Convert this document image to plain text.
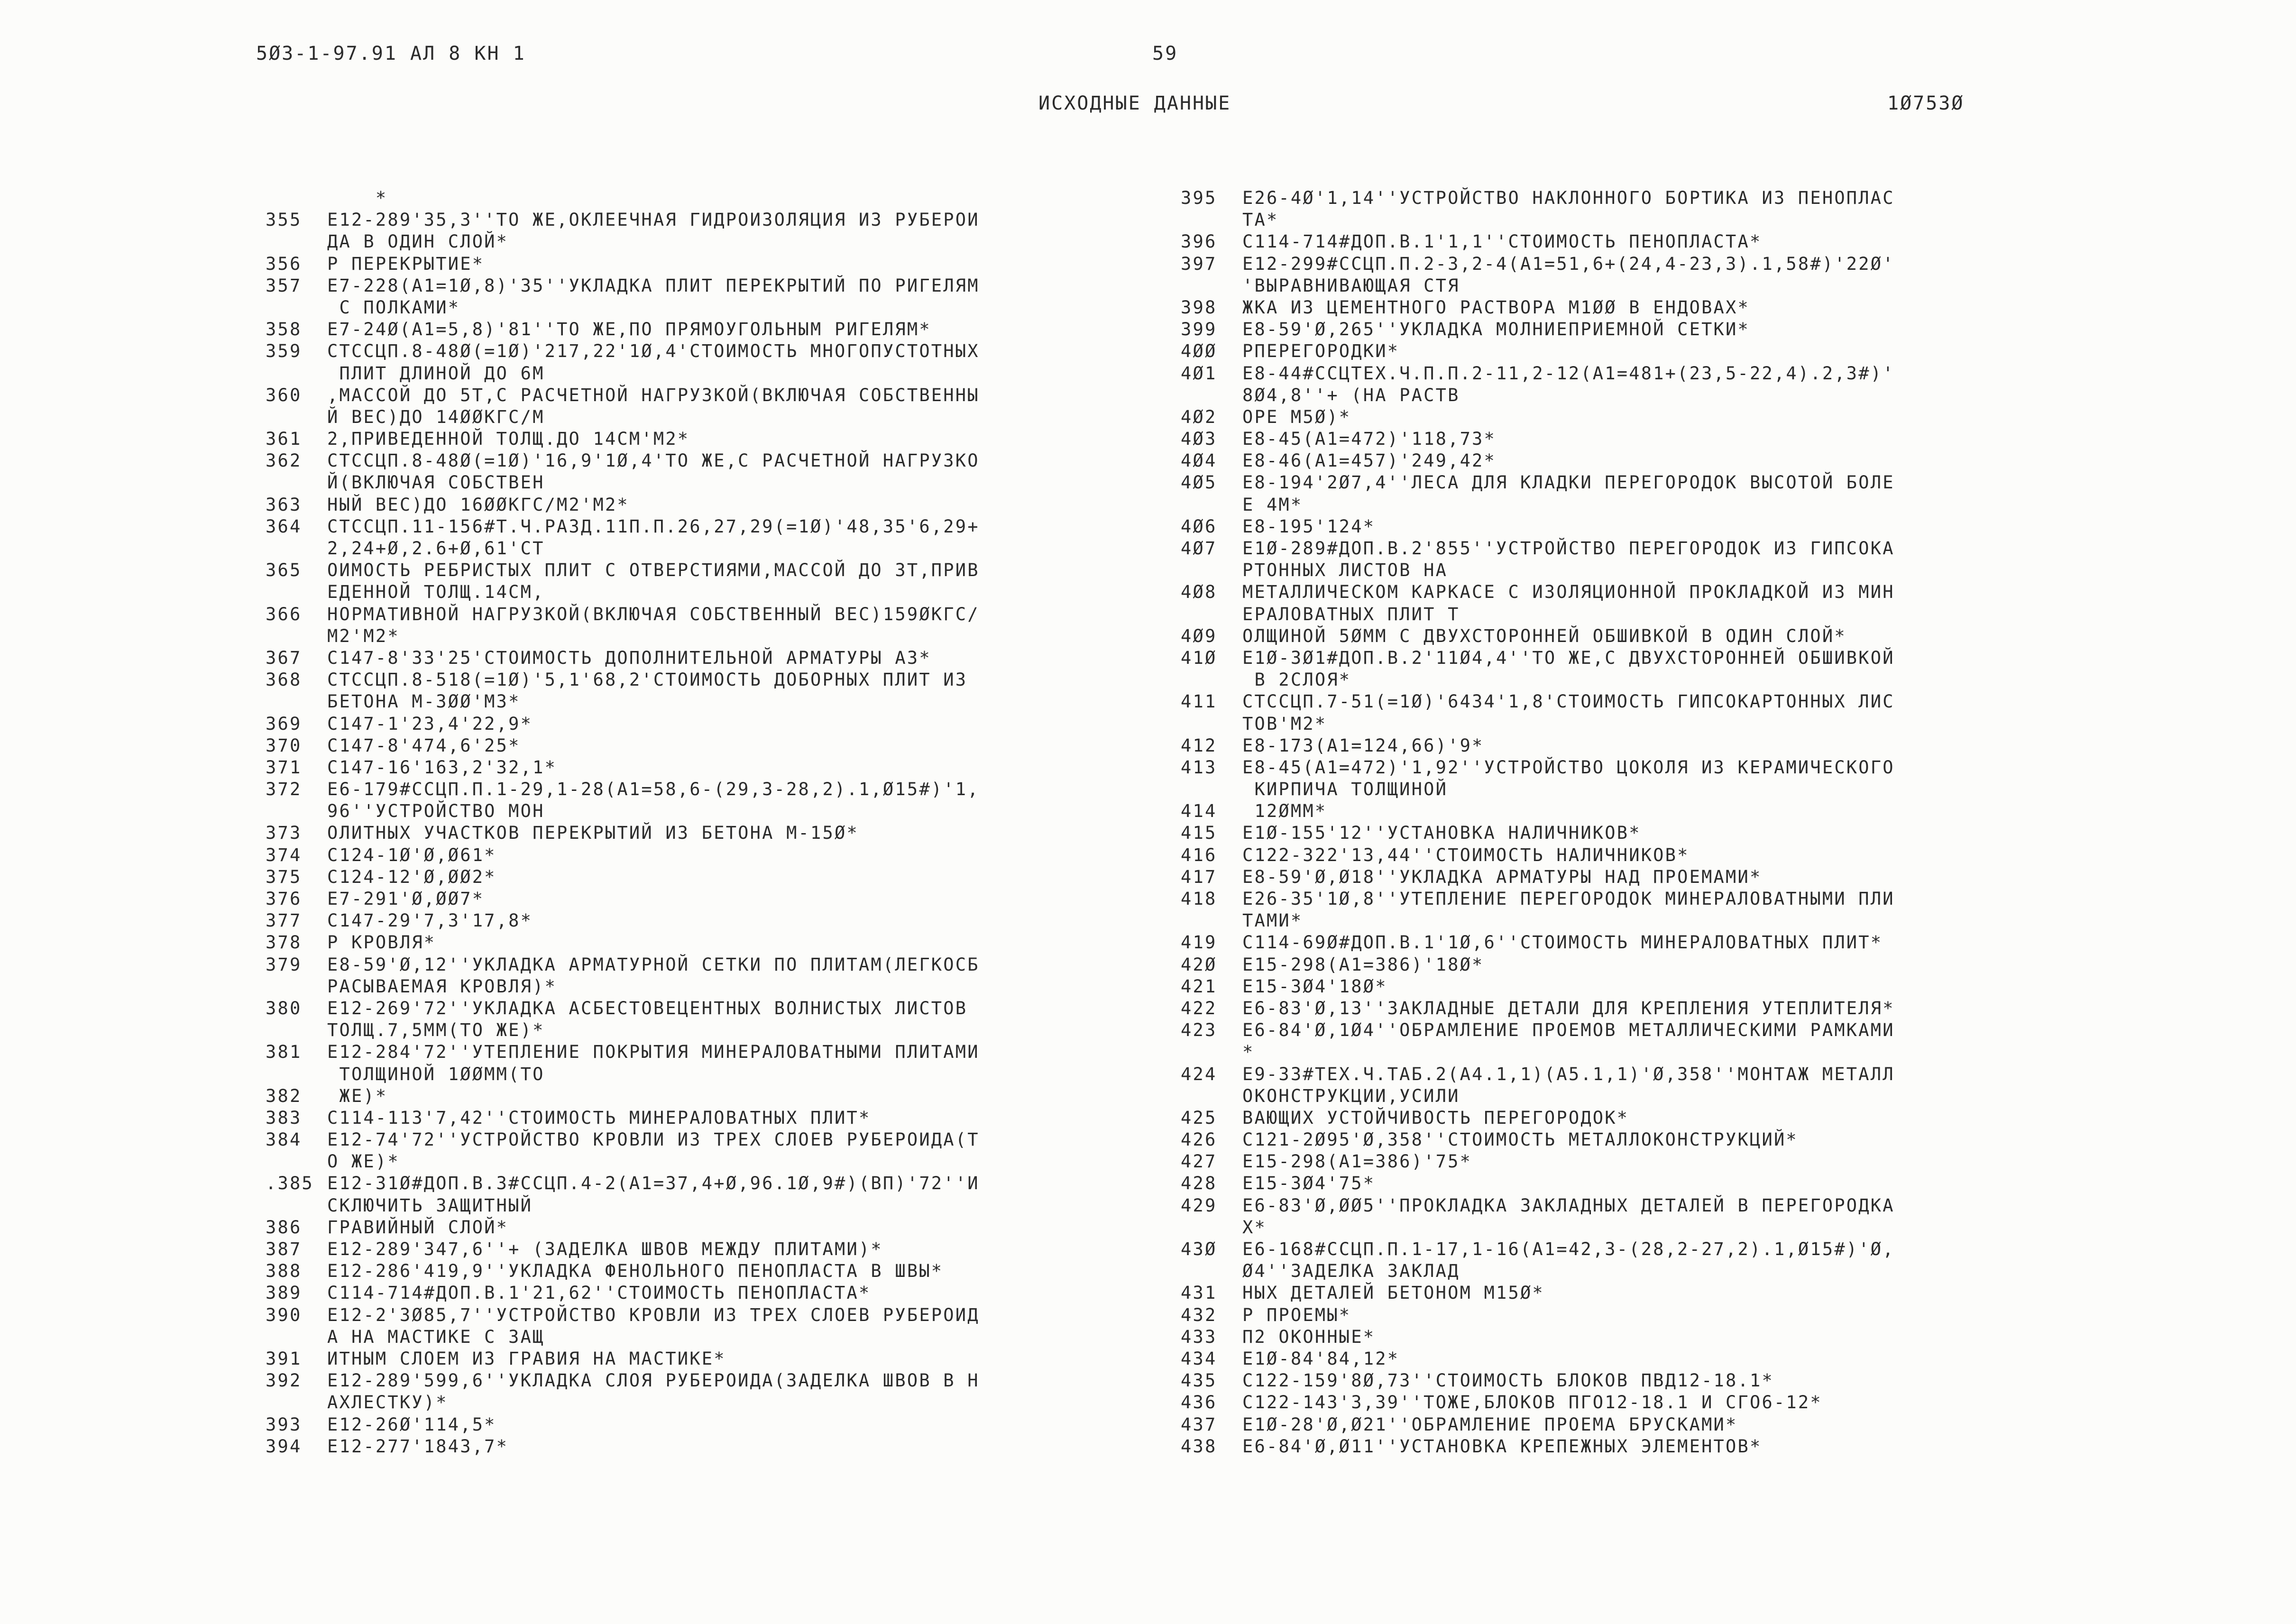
5Ø3-1-97.91 АЛ 8 КН 1	59
ИСХОДНЫЕ ДАННЫЕ	1Ø753Ø
*
355	Е12-289'35,3''ТО ЖЕ,ОКЛЕЕЧНАЯ ГИДРОИЗОЛЯЦИЯ ИЗ РУБЕРОИ
ДА В ОДИН СЛОЙ*
356	Р ПЕРЕКРЫТИЕ*
357	Е7-228(А1=1Ø,8)'35''УКЛАДКА ПЛИТ ПЕРЕКРЫТИЙ ПО РИГЕЛЯМ
С ПОЛКАМИ*
358	Е7-24Ø(А1=5,8)'81''ТО ЖЕ,ПО ПРЯМОУГОЛЬНЫМ РИГЕЛЯМ*
359	СТССЦП.8-48Ø(=1Ø)'217,22'1Ø,4'СТОИМОСТЬ МНОГОПУСТОТНЫХ
ПЛИТ ДЛИНОЙ ДО 6М
360	,МАССОЙ ДО 5Т,С РАСЧЕТНОЙ НАГРУЗКОЙ(ВКЛЮЧАЯ СОБСТВЕННЫ
Й ВЕС)ДО 14ØØКГС/М
361	2,ПРИВЕДЕННОЙ ТОЛЩ.ДО 14СМ'М2*
362	СТССЦП.8-48Ø(=1Ø)'16,9'1Ø,4'ТО ЖЕ,С РАСЧЕТНОЙ НАГРУЗКО
Й(ВКЛЮЧАЯ СОБСТВЕН
363	НЫЙ ВЕС)ДО 16ØØКГС/М2'М2*
364	СТССЦП.11-156#Т.Ч.РАЗД.11П.П.26,27,29(=1Ø)'48,35'6,29+
2,24+Ø,2.6+Ø,61'СТ
365	ОИМОСТЬ РЕБРИСТЫХ ПЛИТ С ОТВЕРСТИЯМИ,МАССОЙ ДО 3Т,ПРИВ
ЕДЕННОЙ ТОЛЩ.14СМ,
366	НОРМАТИВНОЙ НАГРУЗКОЙ(ВКЛЮЧАЯ СОБСТВЕННЫЙ ВЕС)159ØКГС/
М2'М2*
367	С147-8'33'25'СТОИМОСТЬ ДОПОЛНИТЕЛЬНОЙ АРМАТУРЫ А3*
368	СТССЦП.8-518(=1Ø)'5,1'68,2'СТОИМОСТЬ ДОБОРНЫХ ПЛИТ ИЗ
БЕТОНА М-3ØØ'М3*
369	С147-1'23,4'22,9*
370	С147-8'474,6'25*
371	С147-16'163,2'32,1*
372	Е6-179#ССЦП.П.1-29,1-28(А1=58,6-(29,3-28,2).1,Ø15#)'1,
96''УСТРОЙСТВО МОН
373	ОЛИТНЫХ УЧАСТКОВ ПЕРЕКРЫТИЙ ИЗ БЕТОНА М-15Ø*
374	С124-1Ø'Ø,Ø61*
375	С124-12'Ø,ØØ2*
376	Е7-291'Ø,ØØ7*
377	С147-29'7,3'17,8*
378	Р КРОВЛЯ*
379	Е8-59'Ø,12''УКЛАДКА АРМАТУРНОЙ СЕТКИ ПО ПЛИТАМ(ЛЕГКОСБ
РАСЫВАЕМАЯ КРОВЛЯ)*
380	Е12-269'72''УКЛАДКА АСБЕСТОВЕЦЕНТНЫХ ВОЛНИСТЫХ ЛИСТОВ
ТОЛЩ.7,5ММ(ТО ЖЕ)*
381	Е12-284'72''УТЕПЛЕНИЕ ПОКРЫТИЯ МИНЕРАЛОВАТНЫМИ ПЛИТАМИ
ТОЛЩИНОЙ 1ØØММ(ТО
382	ЖЕ)*
383	С114-113'7,42''СТОИМОСТЬ МИНЕРАЛОВАТНЫХ ПЛИТ*
384	Е12-74'72''УСТРОЙСТВО КРОВЛИ ИЗ ТРЕХ СЛОЕВ РУБЕРОИДА(Т
О ЖЕ)*
.385 Е12-31Ø#ДОП.В.3#ССЦП.4-2(А1=37,4+Ø,96.1Ø,9#)(ВП)'72''И
СКЛЮЧИТЬ ЗАЩИТНЫЙ
386	ГРАВИЙНЫЙ СЛОЙ*
387	Е12-289'347,6''+ (ЗАДЕЛКА ШВОВ МЕЖДУ ПЛИТАМИ)*
388	Е12-286'419,9''УКЛАДКА ФЕНОЛЬНОГО ПЕНОПЛАСТА В ШВЫ*
389	С114-714#ДОП.В.1'21,62''СТОИМОСТЬ ПЕНОПЛАСТА*
390	Е12-2'3Ø85,7''УСТРОЙСТВО КРОВЛИ ИЗ ТРЕХ СЛОЕВ РУБЕРОИД
А НА МАСТИКЕ С ЗАЩ
391	ИТНЫМ СЛОЕМ ИЗ ГРАВИЯ НА МАСТИКЕ*
392	Е12-289'599,6''УКЛАДКА СЛОЯ РУБЕРОИДА(ЗАДЕЛКА ШВОВ В Н
АХЛЕСТКУ)*
393	Е12-26Ø'114,5*
394	Е12-277'1843,7*
395	Е26-4Ø'1,14''УСТРОЙСТВО НАКЛОННОГО БОРТИКА ИЗ ПЕНОПЛАС
ТА*
396	С114-714#ДОП.В.1'1,1''СТОИМОСТЬ ПЕНОПЛАСТА*
397	Е12-299#ССЦП.П.2-3,2-4(А1=51,6+(24,4-23,3).1,58#)'22Ø'
'ВЫРАВНИВАЮЩАЯ СТЯ
398	ЖКА ИЗ ЦЕМЕНТНОГО РАСТВОРА М1ØØ В ЕНДОВАХ*
399	Е8-59'Ø,265''УКЛАДКА МОЛНИЕПРИЕМНОЙ СЕТКИ*
4ØØ	РПЕРЕГОРОДКИ*
4Ø1	Е8-44#ССЦТЕХ.Ч.П.П.2-11,2-12(А1=481+(23,5-22,4).2,3#)'
8Ø4,8''+ (НА РАСТВ
4Ø2	ОРЕ М5Ø)*
4Ø3	Е8-45(А1=472)'118,73*
4Ø4	Е8-46(А1=457)'249,42*
4Ø5	Е8-194'2Ø7,4''ЛЕСА ДЛЯ КЛАДКИ ПЕРЕГОРОДОК ВЫСОТОЙ БОЛЕ
Е 4М*
4Ø6	Е8-195'124*
4Ø7	Е1Ø-289#ДОП.В.2'855''УСТРОЙСТВО ПЕРЕГОРОДОК ИЗ ГИПСОКА
РТОННЫХ ЛИСТОВ НА
4Ø8	МЕТАЛЛИЧЕСКОМ КАРКАСЕ С ИЗОЛЯЦИОННОЙ ПРОКЛАДКОЙ ИЗ МИН
ЕРАЛОВАТНЫХ ПЛИТ Т
4Ø9	ОЛЩИНОЙ 5ØММ С ДВУХСТОРОННЕЙ ОБШИВКОЙ В ОДИН СЛОЙ*
41Ø	Е1Ø-3Ø1#ДОП.В.2'11Ø4,4''ТО ЖЕ,С ДВУХСТОРОННЕЙ ОБШИВКОЙ
В 2СЛОЯ*
411	СТССЦП.7-51(=1Ø)'6434'1,8'СТОИМОСТЬ ГИПСОКАРТОННЫХ ЛИС
ТОВ'М2*
412	Е8-173(А1=124,66)'9*
413	Е8-45(А1=472)'1,92''УСТРОЙСТВО ЦОКОЛЯ ИЗ КЕРАМИЧЕСКОГО
КИРПИЧА ТОЛЩИНОЙ
414	12ØММ*
415	Е1Ø-155'12''УСТАНОВКА НАЛИЧНИКОВ*
416	С122-322'13,44''СТОИМОСТЬ НАЛИЧНИКОВ*
417	Е8-59'Ø,Ø18''УКЛАДКА АРМАТУРЫ НАД ПРОЕМАМИ*
418	Е26-35'1Ø,8''УТЕПЛЕНИЕ ПЕРЕГОРОДОК МИНЕРАЛОВАТНЫМИ ПЛИ
ТАМИ*
419	С114-69Ø#ДОП.В.1'1Ø,6''СТОИМОСТЬ МИНЕРАЛОВАТНЫХ ПЛИТ*
42Ø	Е15-298(А1=386)'18Ø*
421	Е15-3Ø4'18Ø*
422	Е6-83'Ø,13''ЗАКЛАДНЫЕ ДЕТАЛИ ДЛЯ КРЕПЛЕНИЯ УТЕПЛИТЕЛЯ*
423	Е6-84'Ø,1Ø4''ОБРАМЛЕНИЕ ПРОЕМОВ МЕТАЛЛИЧЕСКИМИ РАМКАМИ
*
424	Е9-33#ТЕХ.Ч.ТАБ.2(А4.1,1)(А5.1,1)'Ø,358''МОНТАЖ МЕТАЛЛ
ОКОНСТРУКЦИИ,УСИЛИ
425	ВАЮЩИХ УСТОЙЧИВОСТЬ ПЕРЕГОРОДОК*
426	С121-2Ø95'Ø,358''СТОИМОСТЬ МЕТАЛЛОКОНСТРУКЦИЙ*
427	Е15-298(А1=386)'75*
428	Е15-3Ø4'75*
429	Е6-83'Ø,ØØ5''ПРОКЛАДКА ЗАКЛАДНЫХ ДЕТАЛЕЙ В ПЕРЕГОРОДКА
Х*
43Ø	Е6-168#ССЦП.П.1-17,1-16(А1=42,3-(28,2-27,2).1,Ø15#)'Ø,
Ø4''ЗАДЕЛКА ЗАКЛАД
431	НЫХ ДЕТАЛЕЙ БЕТОНОМ М15Ø*
432	Р ПРОЕМЫ*
433	П2 ОКОННЫЕ*
434	Е1Ø-84'84,12*
435	С122-159'8Ø,73''СТОИМОСТЬ БЛОКОВ ПВД12-18.1*
436	С122-143'3,39''ТОЖЕ,БЛОКОВ ПГО12-18.1 И СГО6-12*
437	Е1Ø-28'Ø,Ø21''ОБРАМЛЕНИЕ ПРОЕМА БРУСКАМИ*
438	Е6-84'Ø,Ø11''УСТАНОВКА КРЕПЕЖНЫХ ЭЛЕМЕНТОВ*
